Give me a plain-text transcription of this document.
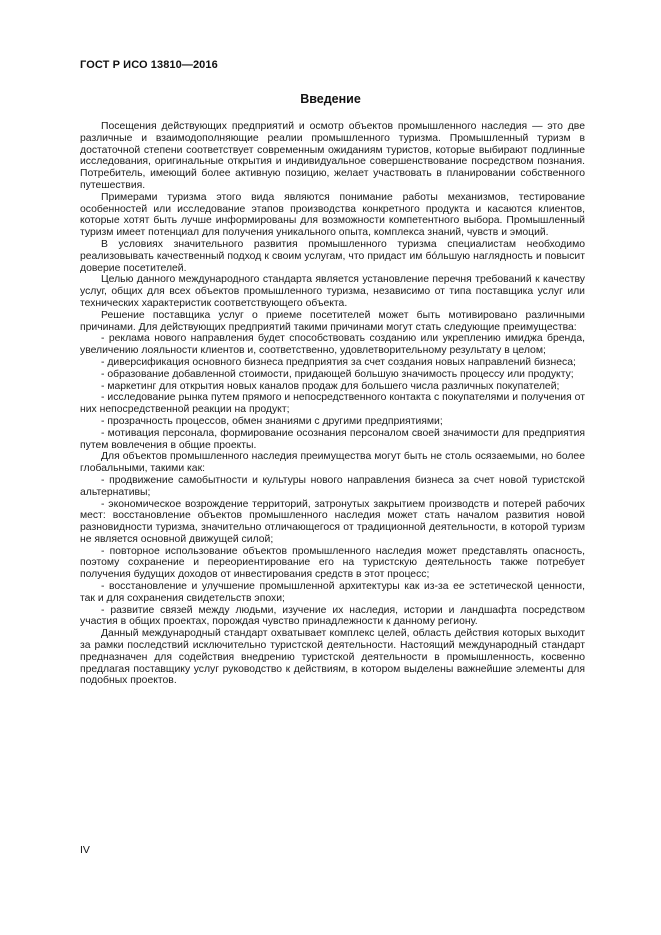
ГОСТ Р ИСО 13810—2016
Введение

Посещения действующих предприятий и осмотр объектов промышленного наследия — это две различные и взаимодополняющие реалии промышленного туризма. Промышленный туризм в достаточной степени соответствует современным ожиданиям туристов, которые выбирают подлинные исследования, оригинальные открытия и индивидуальное совершенствование посредством познания. Потребитель, имеющий более активную позицию, желает участвовать в планировании собственного путешествия.

Примерами туризма этого вида являются понимание работы механизмов, тестирование особенностей или исследование этапов производства конкретного продукта и касаются клиентов, которые хотят быть лучше информированы для возможности компетентного выбора. Промышленный туризм имеет потенциал для получения уникального опыта, комплекса знаний, чувств и эмоций.

В условиях значительного развития промышленного туризма специалистам необходимо реализовывать качественный подход к своим услугам, что придаст им бóльшую наглядность и повысит доверие посетителей.

Целью данного международного стандарта является установление перечня требований к качеству услуг, общих для всех объектов промышленного туризма, независимо от типа поставщика услуг или технических характеристик соответствующего объекта.

Решение поставщика услуг о приеме посетителей может быть мотивировано различными причинами. Для действующих предприятий такими причинами могут стать следующие преимущества:

- реклама нового направления будет способствовать созданию или укреплению имиджа бренда, увеличению лояльности клиентов и, соответственно, удовлетворительному результату в целом;

- диверсификация основного бизнеса предприятия за счет создания новых направлений бизнеса;

- образование добавленной стоимости, придающей большую значимость процессу или продукту;

- маркетинг для открытия новых каналов продаж для большего числа различных покупателей;

- исследование рынка путем прямого и непосредственного контакта с покупателями и получения от них непосредственной реакции на продукт;

- прозрачность процессов, обмен знаниями с другими предприятиями;

- мотивация персонала, формирование осознания персоналом своей значимости для предприятия путем вовлечения в общие проекты.

Для объектов промышленного наследия преимущества могут быть не столь осязаемыми, но более глобальными, такими как:

- продвижение самобытности и культуры нового направления бизнеса за счет новой туристской альтернативы;

- экономическое возрождение территорий, затронутых закрытием производств и потерей рабочих мест: восстановление объектов промышленного наследия может стать началом развития новой разновидности туризма, значительно отличающегося от традиционной деятельности, в которой туризм не является основной движущей силой;

- повторное использование объектов промышленного наследия может представлять опасность, поэтому сохранение и переориентирование его на туристскую деятельность также потребует получения будущих доходов от инвестирования средств в этот процесс;

- восстановление и улучшение промышленной архитектуры как из-за ее эстетической ценности, так и для сохранения свидетельств эпохи;

- развитие связей между людьми, изучение их наследия, истории и ландшафта посредством участия в общих проектах, порождая чувство принадлежности к данному региону.

Данный международный стандарт охватывает комплекс целей, область действия которых выходит за рамки последствий исключительно туристской деятельности. Настоящий международный стандарт предназначен для содействия внедрению туристской деятельности в промышленность, косвенно предлагая поставщику услуг руководство к действиям, в котором выделены важнейшие элементы для подобных проектов.

IV
